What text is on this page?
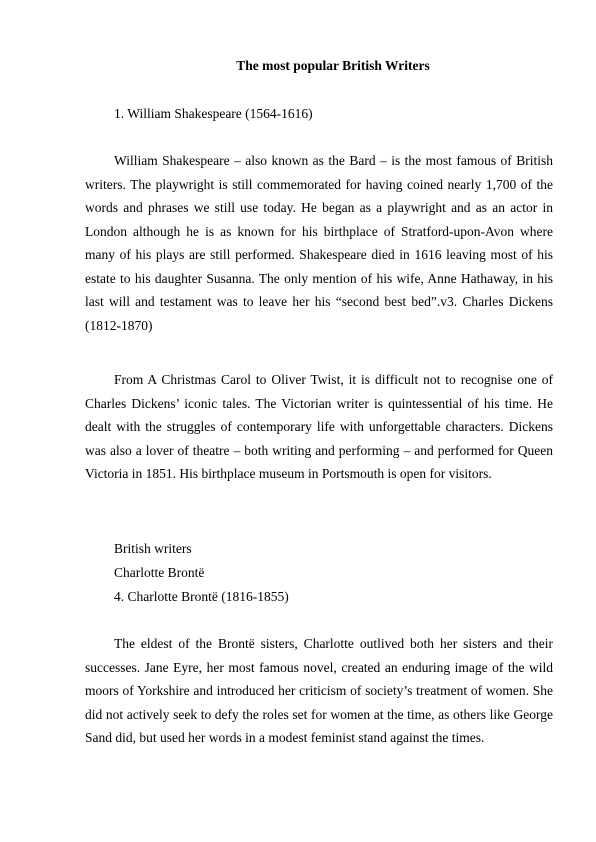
The most popular British Writers
1. William Shakespeare (1564-1616)

William Shakespeare – also known as the Bard – is the most famous of British writers. The playwright is still commemorated for having coined nearly 1,700 of the words and phrases we still use today. He began as a playwright and as an actor in London although he is as known for his birthplace of Stratford-upon-Avon where many of his plays are still performed. Shakespeare died in 1616 leaving most of his estate to his daughter Susanna. The only mention of his wife, Anne Hathaway, in his last will and testament was to leave her his “second best bed”.v3. Charles Dickens (1812-1870)

From A Christmas Carol to Oliver Twist, it is difficult not to recognise one of Charles Dickens’ iconic tales. The Victorian writer is quintessential of his time. He dealt with the struggles of contemporary life with unforgettable characters. Dickens was also a lover of theatre – both writing and performing – and performed for Queen Victoria in 1851. His birthplace museum in Portsmouth is open for visitors.

British writers
Charlotte Brontë
4. Charlotte Brontë (1816-1855)

The eldest of the Brontë sisters, Charlotte outlived both her sisters and their successes. Jane Eyre, her most famous novel, created an enduring image of the wild moors of Yorkshire and introduced her criticism of society’s treatment of women. She did not actively seek to defy the roles set for women at the time, as others like George Sand did, but used her words in a modest feminist stand against the times.
